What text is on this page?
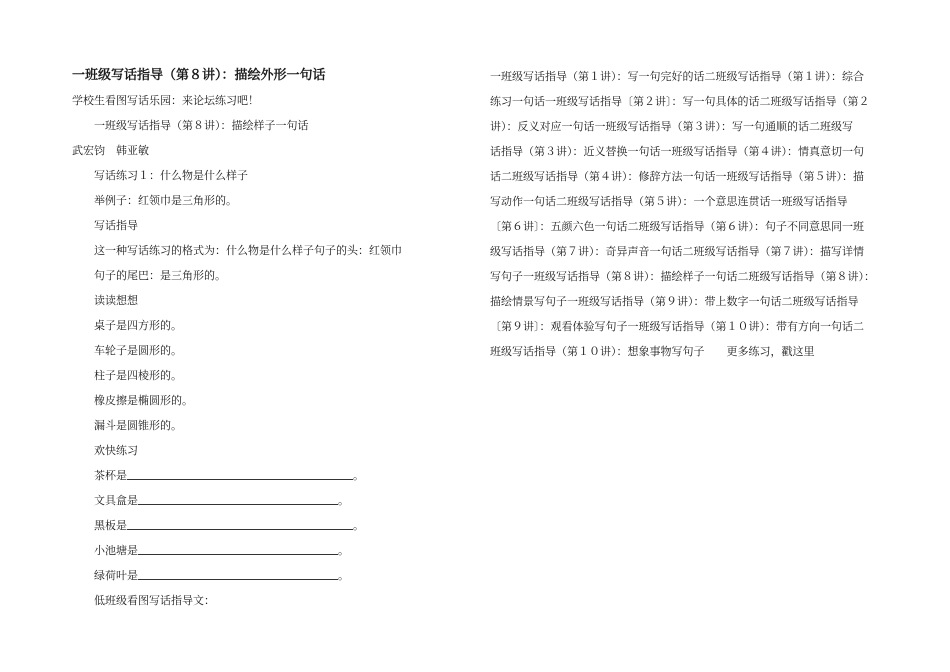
一班级写话指导（第８讲）：描绘外形一句话
学校生看图写话乐园：来论坛练习吧！
一班级写话指导（第８讲）：描绘样子一句话
武宏钧　韩亚敏
写话练习１：什么物是什么样子
举例子：红领巾是三角形的。
写话指导
这一种写话练习的格式为：什么物是什么样子句子的头：红领巾
句子的尾巴：是三角形的。
读读想想
桌子是四方形的。
车轮子是圆形的。
柱子是四棱形的。
橡皮擦是椭圆形的。
漏斗是圆锥形的。
欢快练习
茶杯是	。
文具盒是	。
黑板是	。
小池塘是	。
绿荷叶是	。
低班级看图写话指导文：
一班级写话指导（第１讲）：写一句完好的话二班级写话指导（第１讲）：综合
练习一句话一班级写话指导〔第２讲〕：写一句具体的话二班级写话指导（第２
讲）：反义对应一句话一班级写话指导（第３讲）：写一句通顺的话二班级写
话指导（第３讲）：近义替换一句话一班级写话指导（第４讲）：情真意切一句
话二班级写话指导（第４讲）：修辞方法一句话一班级写话指导（第５讲）：描
写动作一句话二班级写话指导（第５讲）：一个意思连贯话一班级写话指导
〔第６讲〕：五颜六色一句话二班级写话指导（第６讲）：句子不同意思同一班
级写话指导（第７讲）：奇异声音一句话二班级写话指导（第７讲）：描写详情
写句子一班级写话指导（第８讲）：描绘样子一句话二班级写话指导（第８讲）：
描绘情景写句子一班级写话指导（第９讲）：带上数字一句话二班级写话指导
〔第９讲〕：观看体验写句子一班级写话指导（第１０讲）：带有方向一句话二
班级写话指导（第１０讲）：想象事物写句子　　更多练习，戳这里
